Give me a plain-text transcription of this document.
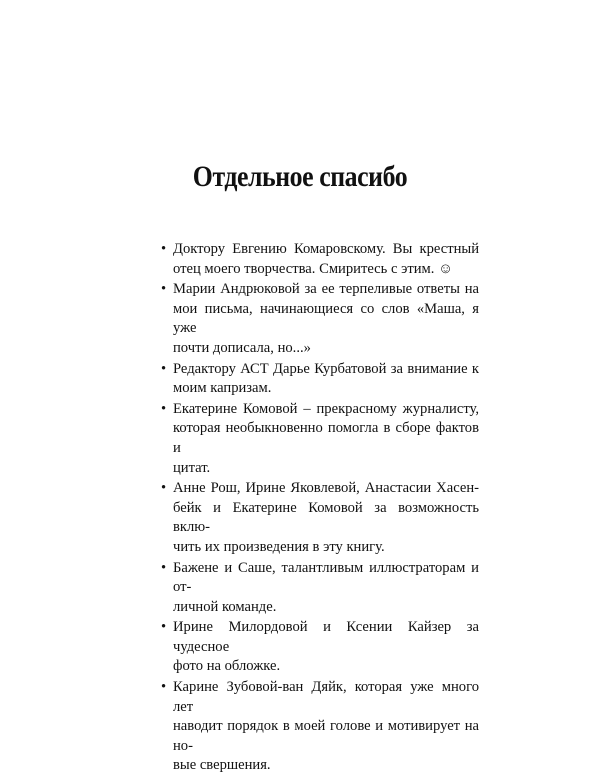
Отдельное спасибо
• Доктору Евгению Комаровскому. Вы крестный
отец моего творчества. Смиритесь с этим. ☺
• Марии Андрюковой за ее терпеливые ответы на
мои письма, начинающиеся со слов «Маша, я уже
почти дописала, но...»
• Редактору АСТ Дарье Курбатовой за внимание к
моим капризам.
• Екатерине Комовой – прекрасному журналисту,
которая необыкновенно помогла в сборе фактов и
цитат.
• Анне Рош, Ирине Яковлевой, Анастасии Хасен-
бейк и Екатерине Комовой за возможность вклю-
чить их произведения в эту книгу.
• Бажене и Саше, талантливым иллюстраторам и от-
личной команде.
• Ирине Милордовой и Ксении Кайзер за чудесное
фото на обложке.
• Карине Зубовой-ван Дяйк, которая уже много лет
наводит порядок в моей голове и мотивирует на но-
вые свершения.
